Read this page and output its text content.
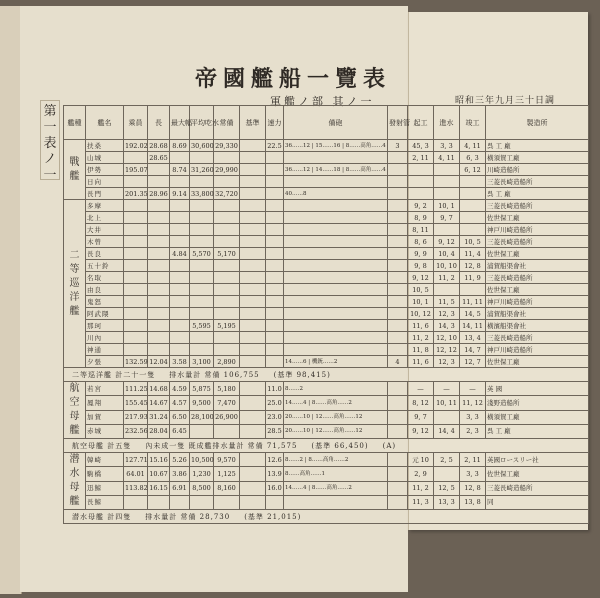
第一表ノ一
帝國艦船一覽表
軍艦ノ部 其ノ一	昭和三年九月三十日調
艦種	艦名	乘員	長	最大幅	平均吃水	常備	基準	速力	備砲	發射管	起工	進水	竣工	製造所
戰艦	扶桑	192.02	28.68	8.69	30,600	29,330		22.5	36……12 | 15……16 | 8……高角……4	3	45, 3	3, 3	4, 11	呉 工 廠
	山城		28.65								2, 11	4, 11	6, 3	橫須賀工廠
	伊勢	195.07		8.74	31,260	29,990			36……12 | 14……18 | 8……高角……4				6, 12	川崎造船所
	日向													三菱長崎造船所
	長門	201.35	28.96	9.14	33,800	32,720			40……8					呉 工 廠
二等巡洋艦	多摩										9, 2	10, 1		三菱長崎造船所
	北上										8, 9	9, 7		佐世保工廠
	大井										8, 11			神戸川崎造船所
	木曾										8, 6	9, 12	10, 5	三菱長崎造船所
	長良			4.84	5,570	5,170					9, 9	10, 4	11, 4	佐世保工廠
	五十鈴										9, 8	10, 10	12, 8	浦賀船渠會社
	名取										9, 12	11, 2	11, 9	三菱長崎造船所
	由良										10, 5			佐世保工廠
	鬼怒										10, 1	11, 5	11, 11	神戸川崎造船所
	阿武隈										10, 12	12, 3	14, 5	浦賀船渠會社
	那珂				5,595	5,195					11, 6	14, 3	14, 11	橫濱船渠會社
	川內										11, 2	12, 10	13, 4	三菱長崎造船所
	神通										11, 8	12, 12	14, 7	神戸川崎造船所
	夕張	132.59	12.04	3.58	3,100	2,890			14……6 | 機銃……2	4	11, 6	12, 3	12, 7	佐世保工廠
二等巡洋艦 計二十一隻 排水量計 常備 106,755 (基準 98,415)														
航空母艦	若宮	111.25	14.68	4.59	5,875	5,180		11.0	8……2		—	—	—	英 國
	鳳翔	155.45	14.67	4.57	9,500	7,470		25.0	14……4 | 8……高角……2		8, 12	10, 11	11, 12	淺野造船所
	加賀	217.93	31.24	6.50	28,100	26,900		23.0	20……10 | 12……高角……12		9, 7		3, 3	橫須賀工廠
	赤城	232.56	28.04	6.45				28.5	20……10 | 12……高角……12		9, 12	14, 4	2, 3	呉 工 廠
航空母艦 計五隻 內未成一隻 既成艦排水量計 常備 71,575 (基準 66,450) (A)														
潜水母艦	韓崎	127.71	15.16	5.26	10,500	9,570		12.6	8……2 | 8……高角……2		元 10	2, 5	2, 11	英國ロースリー社
	駒橋	64.01	10.67	3.86	1,230	1,125		13.9	8……高角……1		2, 9		3, 3	佐世保工廠
	迅鯨	113.82	16.15	6.91	8,500	8,160		16.0	14……4 | 8……高角……2		11, 2	12, 5	12, 8	三菱長崎造船所
	長鯨										11, 3	13, 3	13, 8	同
潜水母艦 計四隻 排水量計 常備 28,730 (基準 21,015)														
